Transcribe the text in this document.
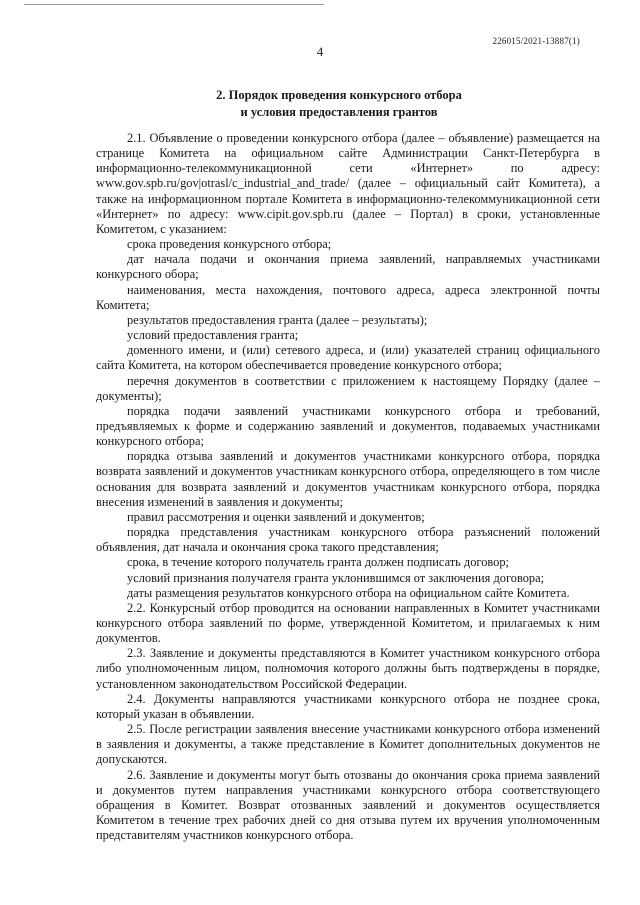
226015/2021-13887(1)
4
2. Порядок проведения конкурсного отбора
и условия предоставления грантов

2.1. Объявление о проведении конкурсного отбора (далее – объявление) размещается на странице Комитета на официальном сайте Администрации Санкт-Петербурга в информационно-телекоммуникационной сети «Интернет» по адресу: www.gov.spb.ru/gov|otrasl/c_industrial_and_trade/ (далее – официальный сайт Комитета), а также на информационном портале Комитета в информационно-телекоммуникационной сети «Интернет» по адресу: www.cipit.gov.spb.ru (далее – Портал) в сроки, установленные Комитетом, с указанием:

срока проведения конкурсного отбора;

дат начала подачи и окончания приема заявлений, направляемых участниками конкурсного обора;

наименования, места нахождения, почтового адреса, адреса электронной почты Комитета;

результатов предоставления гранта (далее – результаты);

условий предоставления гранта;

доменного имени, и (или) сетевого адреса, и (или) указателей страниц официального сайта Комитета, на котором обеспечивается проведение конкурсного отбора;

перечня документов в соответствии с приложением к настоящему Порядку (далее – документы);

порядка подачи заявлений участниками конкурсного отбора и требований, предъявляемых к форме и содержанию заявлений и документов, подаваемых участниками конкурсного отбора;

порядка отзыва заявлений и документов участниками конкурсного отбора, порядка возврата заявлений и документов участникам конкурсного отбора, определяющего в том числе основания для возврата заявлений и документов участникам конкурсного отбора, порядка внесения изменений в заявления и документы;

правил рассмотрения и оценки заявлений и документов;

порядка представления участникам конкурсного отбора разъяснений положений объявления, дат начала и окончания срока такого представления;

срока, в течение которого получатель гранта должен подписать договор;

условий признания получателя гранта уклонившимся от заключения договора;

даты размещения результатов конкурсного отбора на официальном сайте Комитета.

2.2. Конкурсный отбор проводится на основании направленных в Комитет участниками конкурсного отбора заявлений по форме, утвержденной Комитетом, и прилагаемых к ним документов.

2.3. Заявление и документы представляются в Комитет участником конкурсного отбора либо уполномоченным лицом, полномочия которого должны быть подтверждены в порядке, установленном законодательством Российской Федерации.

2.4. Документы направляются участниками конкурсного отбора не позднее срока, который указан в объявлении.

2.5. После регистрации заявления внесение участниками конкурсного отбора изменений в заявления и документы, а также представление в Комитет дополнительных документов не допускаются.

2.6. Заявление и документы могут быть отозваны до окончания срока приема заявлений и документов путем направления участниками конкурсного отбора соответствующего обращения в Комитет. Возврат отозванных заявлений и документов осуществляется Комитетом в течение трех рабочих дней со дня отзыва путем их вручения уполномоченным представителям участников конкурсного отбора.
